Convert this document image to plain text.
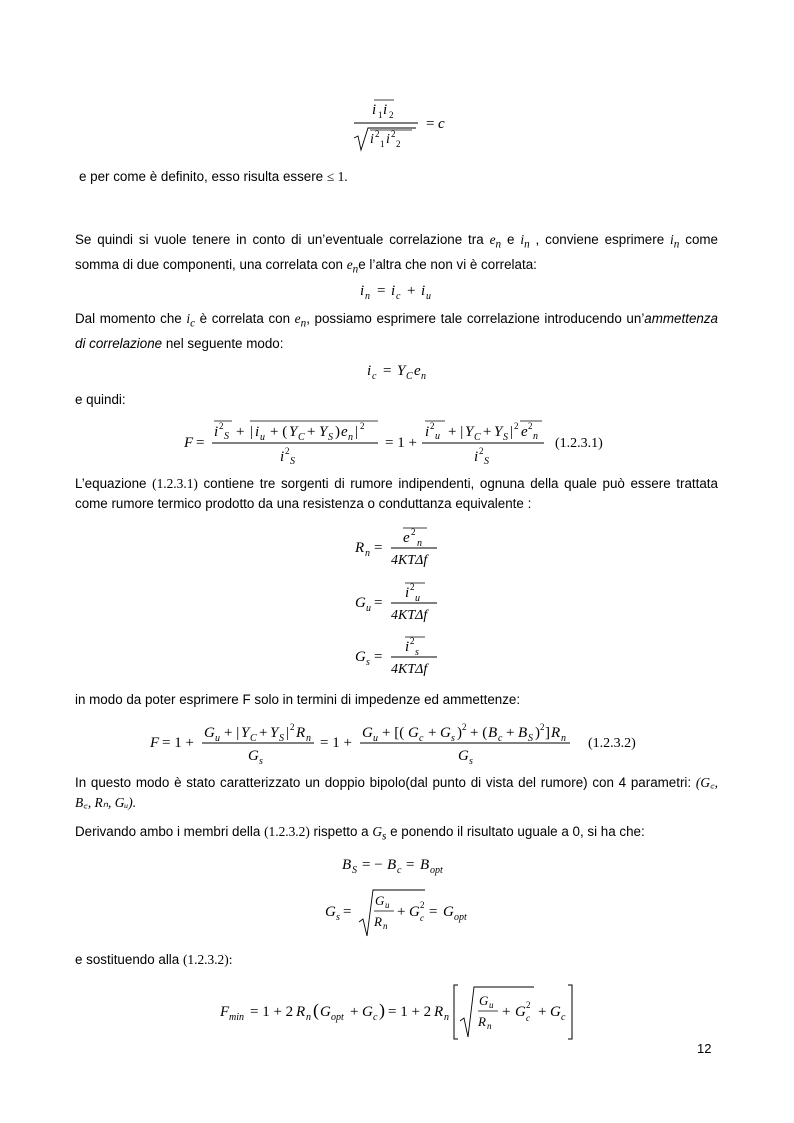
i 1 i 2
i 2
1 i 2
2
= c
e per come è definito, esso risulta essere ≤ 1.
Se quindi si vuole tenere in conto di un’eventuale correlazione tra $e_n$ e $i_n$ , conviene esprimere $i_n$ come somma di due componenti, una correlata con $e_ne$ l’altra che non vi è correlata:
i n = i c + i u
Dal momento che $i_c$ è correlata con $e_n$, possiamo esprimere tale correlazione introducendo un’ammettenza di correlazione nel seguente modo:
i c = Y C e n
e quindi:
F =
i 2
S + | i u + ( Y C + Y S ) e n | 2
i 2
S
= 1 +
i 2
u + | Y C + Y S | 2 e 2
n
i 2
S
(1.2.3.1)
L’equazione (1.2.3.1) contiene tre sorgenti di rumore indipendenti, ognuna della quale può essere trattata come rumore termico prodotto da una resistenza o conduttanza equivalente :
R n =
e 2
n
4KTΔf
G u =
i 2
u
4KTΔf
G s =
i 2
s
4KTΔf
in modo da poter esprimere F solo in termini di impedenze ed ammettenze:
F = 1 +
G u + | Y C + Y S | 2 R n
G s
= 1 +
G u + [( G c + G s ) 2 + ( B c + B S ) 2 ] R n
G s
(1.2.3.2)
In questo modo è stato caratterizzato un doppio bipolo(dal punto di vista del rumore) con 4 parametri: (G꜀, B꜀, Rₙ, Gᵤ).
Derivando ambo i membri della (1.2.3.2) rispetto a $G_s$ e ponendo il risultato uguale a 0, si ha che:
B S = − B c = B opt
G s =
G u
R n
+ G 2
c = G opt
e sostituendo alla (1.2.3.2):
F min = 1 + 2 R n ( G opt + G c ) = 1 + 2 R n
G u
R n
+ G 2
c + G c
12
